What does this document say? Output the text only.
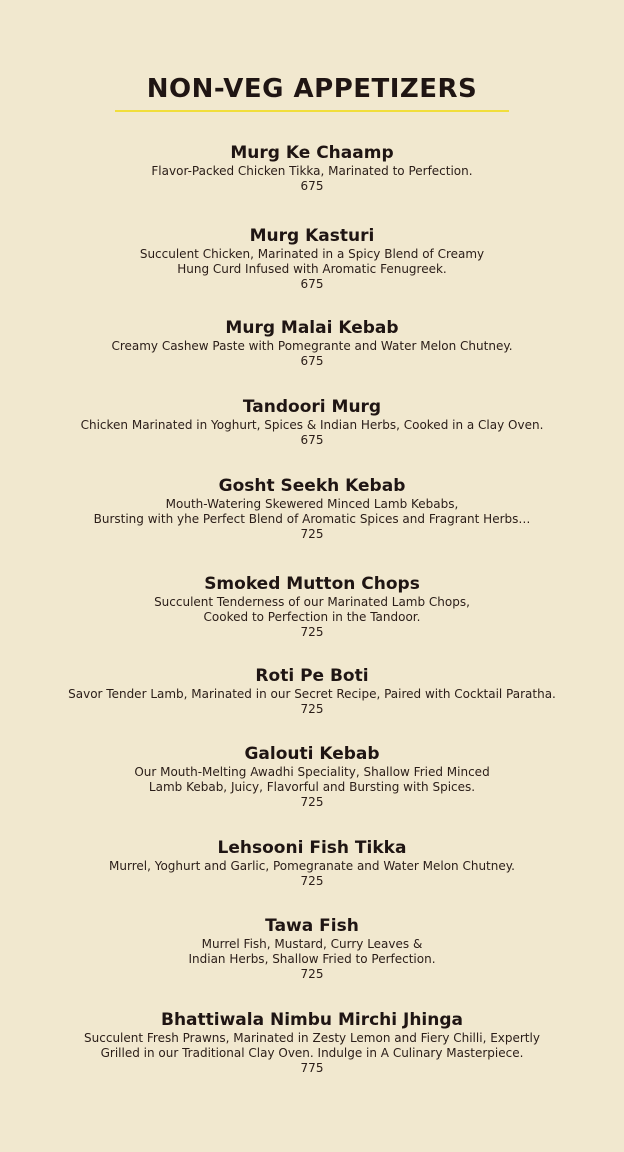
NON-VEG APPETIZERS

Murg Ke Chaamp

Flavor-Packed Chicken Tikka, Marinated to Perfection.

675

Murg Kasturi

Succulent Chicken, Marinated in a Spicy Blend of Creamy
Hung Curd Infused with Aromatic Fenugreek.

675

Murg Malai Kebab

Creamy Cashew Paste with Pomegrante and Water Melon Chutney.

675

Tandoori Murg

Chicken Marinated in Yoghurt, Spices & Indian Herbs, Cooked in a Clay Oven.

675

Gosht Seekh Kebab

Mouth-Watering Skewered Minced Lamb Kebabs,
Bursting with yhe Perfect Blend of Aromatic Spices and Fragrant Herbs…

725

Smoked Mutton Chops

Succulent Tenderness of our Marinated Lamb Chops,
Cooked to Perfection in the Tandoor.

725

Roti Pe Boti

Savor Tender Lamb, Marinated in our Secret Recipe, Paired with Cocktail Paratha.

725

Galouti Kebab

Our Mouth-Melting Awadhi Speciality, Shallow Fried Minced
Lamb Kebab, Juicy, Flavorful and Bursting with Spices.

725

Lehsooni Fish Tikka

Murrel, Yoghurt and Garlic, Pomegranate and Water Melon Chutney.

725

Tawa Fish

Murrel Fish, Mustard, Curry Leaves &
Indian Herbs, Shallow Fried to Perfection.

725

Bhattiwala Nimbu Mirchi Jhinga

Succulent Fresh Prawns, Marinated in Zesty Lemon and Fiery Chilli, Expertly
Grilled in our Traditional Clay Oven. Indulge in A Culinary Masterpiece.

775
